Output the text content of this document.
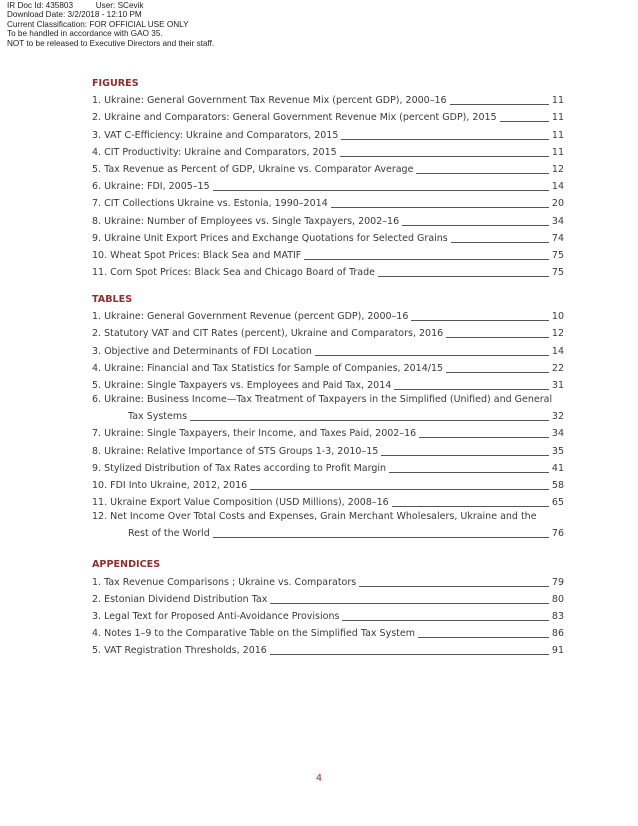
IR Doc Id: 435803          User: SCevik
Download Date: 3/2/2018 - 12:10 PM
Current Classification: FOR OFFICIAL USE ONLY
To be handled in accordance with GAO 35.
NOT to be released to Executive Directors and their staff.
FIGURES
1. Ukraine: General Government Tax Revenue Mix (percent GDP), 2000–16	11
2. Ukraine and Comparators: General Government Revenue Mix (percent GDP), 2015	11
3. VAT C-Efficiency: Ukraine and Comparators, 2015	11
4. CIT Productivity: Ukraine and Comparators, 2015	11
5. Tax Revenue as Percent of GDP, Ukraine vs. Comparator Average	12
6. Ukraine: FDI, 2005–15	14
7. CIT Collections Ukraine vs. Estonia, 1990–2014	20
8. Ukraine: Number of Employees vs. Single Taxpayers, 2002–16	34
9. Ukraine Unit Export Prices and Exchange Quotations for Selected Grains	74
10. Wheat Spot Prices: Black Sea and MATIF	75
11. Corn Spot Prices: Black Sea and Chicago Board of Trade	75
TABLES
1. Ukraine: General Government Revenue (percent GDP), 2000–16	10
2. Statutory VAT and CIT Rates (percent), Ukraine and Comparators, 2016	12
3. Objective and Determinants of FDI Location	14
4. Ukraine: Financial and Tax Statistics for Sample of Companies, 2014/15	22
5. Ukraine: Single Taxpayers vs. Employees and Paid Tax, 2014	31
6. Ukraine: Business Income—Tax Treatment of Taxpayers in the Simplified (Unified) and General
Tax Systems	32
7. Ukraine: Single Taxpayers, their Income, and Taxes Paid, 2002–16	34
8. Ukraine: Relative Importance of STS Groups 1-3, 2010–15	35
9. Stylized Distribution of Tax Rates according to Profit Margin	41
10. FDI Into Ukraine, 2012, 2016	58
11. Ukraine Export Value Composition (USD Millions), 2008–16	65
12. Net Income Over Total Costs and Expenses, Grain Merchant Wholesalers, Ukraine and the
Rest of the World	76
APPENDICES
1. Tax Revenue Comparisons ; Ukraine vs. Comparators	79
2. Estonian Dividend Distribution Tax	80
3. Legal Text for Proposed Anti-Avoidance Provisions	83
4. Notes 1–9 to the Comparative Table on the Simplified Tax System	86
5. VAT Registration Thresholds, 2016	91
4
